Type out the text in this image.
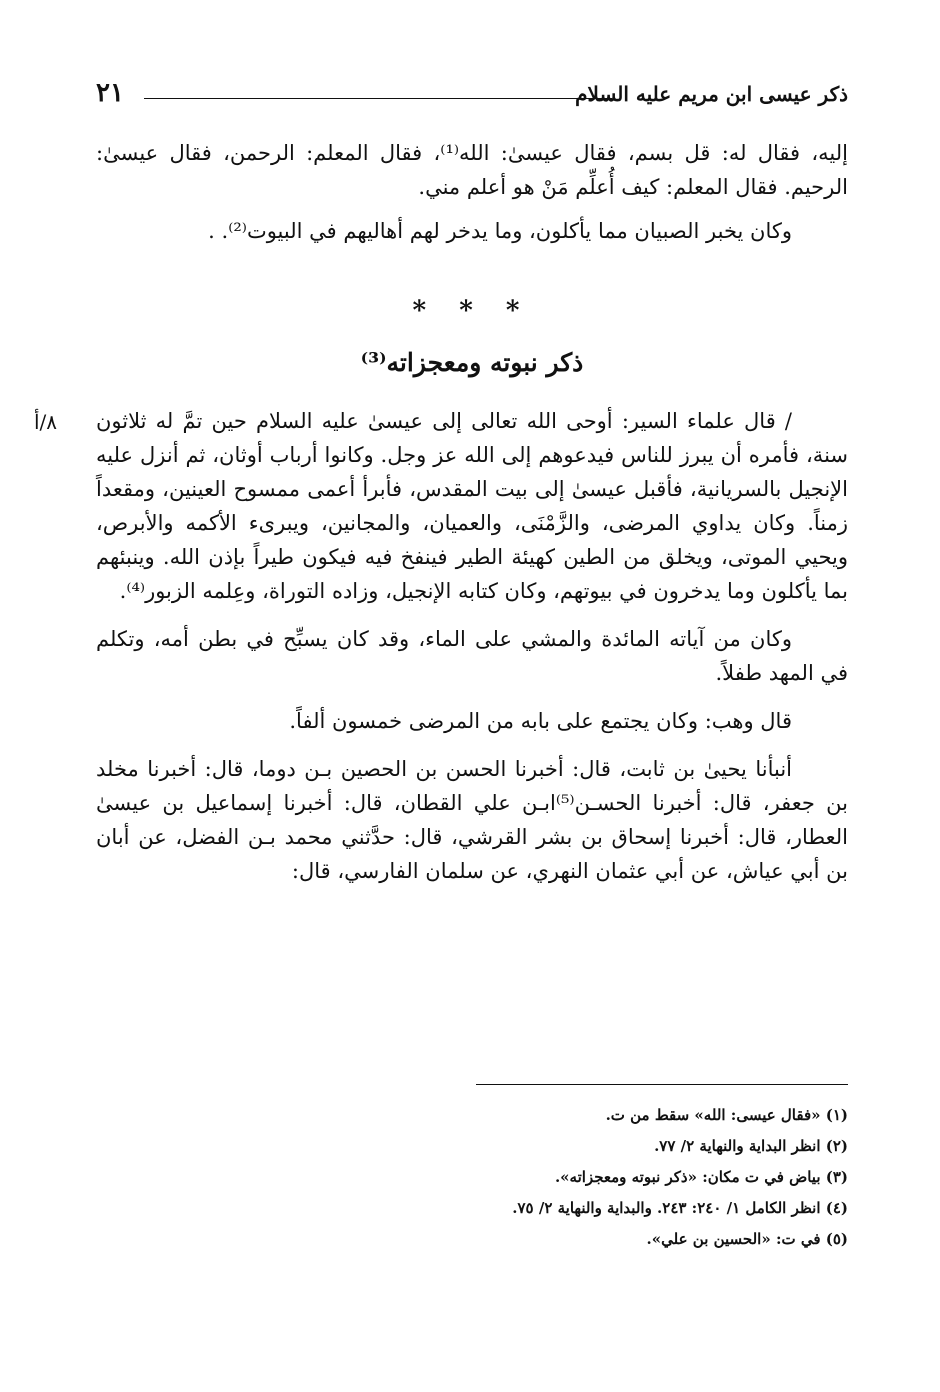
ذكر عيسى ابن مريم عليه السلام
٢١

إليه، فقال له: قل بسم، فقال عيسىٰ: الله⁽¹⁾، فقال المعلم: الرحمن، فقال عيسىٰ: الرحيم. فقال المعلم: كيف أُعلِّم مَنْ هو أعلم مني.

وكان يخبر الصبيان مما يأكلون، وما يدخر لهم أهاليهم في البيوت⁽²⁾. .

* * *
ذكر نبوته ومعجزاته⁽³⁾
٨/أ	/ قال علماء السير: أوحى الله تعالى إلى عيسىٰ عليه السلام حين تمَّ له ثلاثون سنة، فأمره أن يبرز للناس فيدعوهم إلى الله عز وجل. وكانوا أرباب أوثان، ثم أنزل عليه الإنجيل بالسريانية، فأقبل عيسىٰ إلى بيت المقدس، فأبرأ أعمى ممسوح العينين، ومقعداً زمناً. وكان يداوي المرضى، والزَّمْنَى، والعميان، والمجانين، ويبرىء الأكمه والأبرص، ويحيي الموتى، ويخلق من الطين كهيئة الطير فينفخ فيه فيكون طيراً بإذن الله. وينبئهم بما يأكلون وما يدخرون في بيوتهم، وكان كتابه الإنجيل، وزاده التوراة، وعِلمه الزبور⁽⁴⁾.

وكان من آياته المائدة والمشي على الماء، وقد كان يسبِّح في بطن أمه، وتكلم في المهد طفلاً.

قال وهب: وكان يجتمع على بابه من المرضى خمسون ألفاً.

أنبأنا يحيىٰ بن ثابت، قال: أخبرنا الحسن بن الحصين بـن دوما، قال: أخبرنا مخلد بن جعفر، قال: أخبرنا الحسـن⁽⁵⁾ابـن علي القطان، قال: أخبرنا إسماعيل بن عيسىٰ العطار، قال: أخبرنا إسحاق بن بشر القرشي، قال: حدَّثني محمد بـن الفضل، عن أبان بن أبي عياش، عن أبي عثمان النهري، عن سلمان الفارسي، قال:

(١) «فقال عيسى: الله» سقط من ت.
(٢) انظر البداية والنهاية ٢/ ٧٧.
(٣) بياض في ت مكان: «ذكر نبوته ومعجزاته».
(٤) انظر الكامل ١/ ٢٤٠: ٢٤٣. والبداية والنهاية ٢/ ٧٥.
(٥) في ت: «الحسين بن علي».
